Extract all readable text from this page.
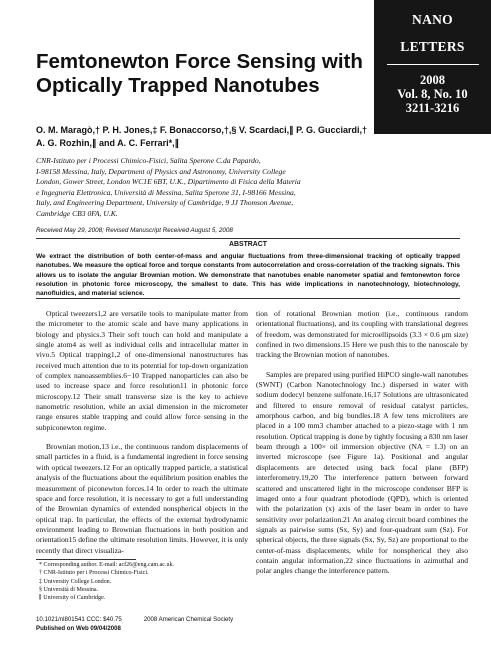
NANO
LETTERS
2008
Vol. 8, No. 10
3211-3216
Femtonewton Force Sensing with
Optically Trapped Nanotubes
O. M. Maragò,† P. H. Jones,‡ F. Bonaccorso,†,§ V. Scardaci,∥ P. G. Gucciardi,†
A. G. Rozhin,∥ and A. C. Ferrari*,∥
CNR-Istituto per i Processi Chimico-Fisici, Salita Sperone C.da Papardo,
I-98158 Messina, Italy, Department of Physics and Astronomy, University College
London, Gower Street, London WC1E 6BT, U.K., Dipartimento di Fisica della Materia
e Ingegneria Elettronica, Università di Messina, Salita Sperone 31, I-98166 Messina,
Italy, and Engineering Department, University of Cambridge, 9 JJ Thomson Avenue,
Cambridge CB3 0FA, U.K.
Received May 29, 2008; Revised Manuscript Received August 5, 2008
ABSTRACT
We extract the distribution of both center-of-mass and angular fluctuations from three-dimensional tracking of optically trapped nanotubes. We measure the optical force and torque constants from autocorrelation and cross-correlation of the tracking signals. This allows us to isolate the angular Brownian motion. We demonstrate that nanotubes enable nanometer spatial and femtonewton force resolution in photonic force microscopy, the smallest to date. This has wide implications in nanotechnology, biotechnology, nanofluidics, and material science.

Optical tweezers1,2 are versatile tools to manipulate matter from the micrometer to the atomic scale and have many applications in biology and physics.3 Their soft touch can hold and manipulate a single atom4 as well as individual cells and intracellular matter in vivo.5 Optical trapping1,2 of one-dimensional nanostructures has received much attention due to its potential for top-down organization of complex nanoassemblies.6−10 Trapped nanoparticles can also be used to increase space and force resolution11 in photonic force microscopy.12 Their small transverse size is the key to achieve nanometric resolution, while an axial dimension in the micrometer range ensures stable trapping and could allow force sensing in the subpiconewton regime.

Brownian motion,13 i.e., the continuous random displacements of small particles in a fluid, is a fundamental ingredient in force sensing with optical tweezers.12 For an optically trapped particle, a statistical analysis of the fluctuations about the equilibrium position enables the measurement of piconewton forces.14 In order to reach the ultimate space and force resolution, it is necessary to get a full understanding of the Brownian dynamics of extended nonspherical objects in the optical trap. In particular, the effects of the external hydrodynamic environment leading to Brownian fluctuations in both position and orientation15 define the ultimate resolution limits. However, it is only recently that direct visualiza-

tion of rotational Brownian motion (i.e., continuous random orientational fluctuations), and its coupling with translational degrees of freedom, was demonstrated for microellipsoids (3.3 × 0.6 μm size) confined in two dimensions.15 Here we push this to the nanoscale by tracking the Brownian motion of nanotubes.

Samples are prepared using purified HiPCO single-wall nanotubes (SWNT) (Carbon Nanotechnology Inc.) dispersed in water with sodium dodecyl benzene sulfonate.16,17 Solutions are ultrasonicated and filtered to ensure removal of residual catalyst particles, amorphous carbon, and big bundles.18 A few tens microliters are placed in a 100 mm3 chamber attached to a piezo-stage with 1 nm resolution. Optical trapping is done by tightly focusing a 830 nm laser beam through a 100× oil immersion objective (NA = 1.3) on an inverted microscope (see Figure 1a). Positional and angular displacements are detected using back focal plane (BFP) interferometry.19,20 The interference pattern between forward scattered and unscattered light in the microscope condenser BFP is imaged onto a four quadrant photodiode (QPD), which is oriented with the polarization (x) axis of the laser beam in order to have sensitivity over polarization.21 An analog circuit board combines the signals as pairwise sums (Sx, Sy) and four-quadrant sum (Sz). For spherical objects, the three signals (Sx, Sy, Sz) are proportional to the center-of-mass displacements, while for nonspherical they also contain angular information,22 since fluctuations in azimuthal and polar angles change the interference pattern.

* Corresponding author. E-mail: acf26@eng.cam.ac.uk.
† CNR-Istituto per i Processi Chimico-Fisici.
‡ University College London.
§ Università di Messina.
∥ University of Cambridge.
10.1021/nl801541 CCC: $40.75	2008 American Chemical Society
Published on Web 09/04/2008
